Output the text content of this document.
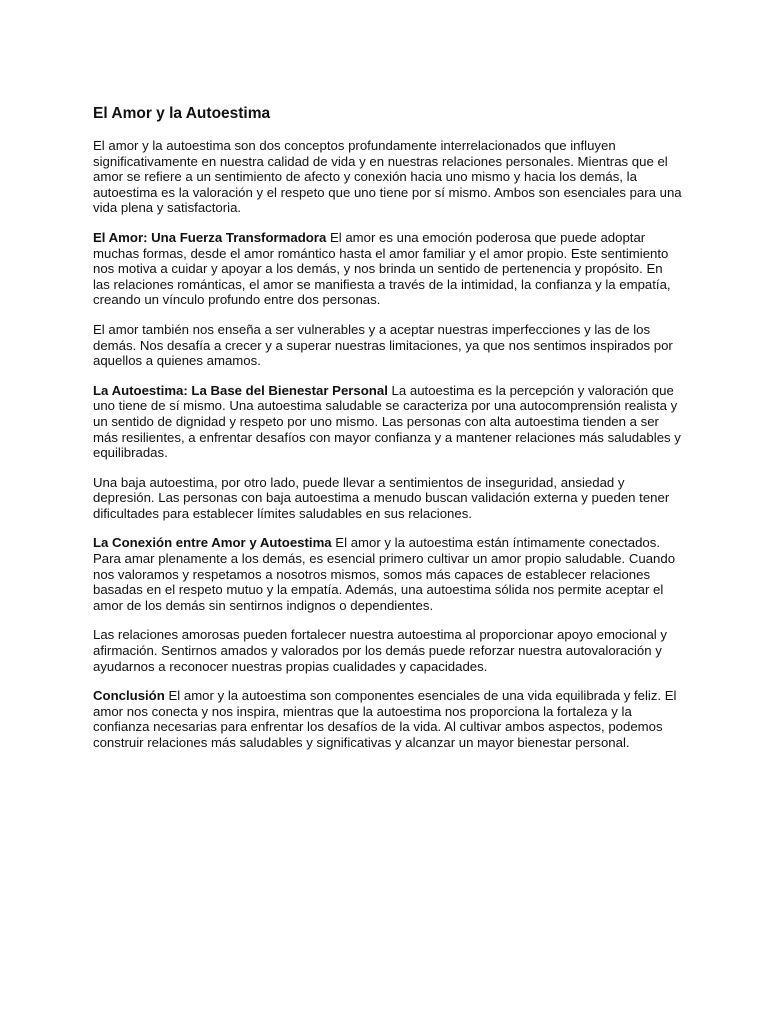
El Amor y la Autoestima

El amor y la autoestima son dos conceptos profundamente interrelacionados que influyen significativamente en nuestra calidad de vida y en nuestras relaciones personales. Mientras que el amor se refiere a un sentimiento de afecto y conexión hacia uno mismo y hacia los demás, la autoestima es la valoración y el respeto que uno tiene por sí mismo. Ambos son esenciales para una vida plena y satisfactoria.

El Amor: Una Fuerza Transformadora El amor es una emoción poderosa que puede adoptar muchas formas, desde el amor romántico hasta el amor familiar y el amor propio. Este sentimiento nos motiva a cuidar y apoyar a los demás, y nos brinda un sentido de pertenencia y propósito. En las relaciones románticas, el amor se manifiesta a través de la intimidad, la confianza y la empatía, creando un vínculo profundo entre dos personas.

El amor también nos enseña a ser vulnerables y a aceptar nuestras imperfecciones y las de los demás. Nos desafía a crecer y a superar nuestras limitaciones, ya que nos sentimos inspirados por aquellos a quienes amamos.

La Autoestima: La Base del Bienestar Personal La autoestima es la percepción y valoración que uno tiene de sí mismo. Una autoestima saludable se caracteriza por una autocomprensión realista y un sentido de dignidad y respeto por uno mismo. Las personas con alta autoestima tienden a ser más resilientes, a enfrentar desafíos con mayor confianza y a mantener relaciones más saludables y equilibradas.

Una baja autoestima, por otro lado, puede llevar a sentimientos de inseguridad, ansiedad y depresión. Las personas con baja autoestima a menudo buscan validación externa y pueden tener dificultades para establecer límites saludables en sus relaciones.

La Conexión entre Amor y Autoestima El amor y la autoestima están íntimamente conectados. Para amar plenamente a los demás, es esencial primero cultivar un amor propio saludable. Cuando nos valoramos y respetamos a nosotros mismos, somos más capaces de establecer relaciones basadas en el respeto mutuo y la empatía. Además, una autoestima sólida nos permite aceptar el amor de los demás sin sentirnos indignos o dependientes.

Las relaciones amorosas pueden fortalecer nuestra autoestima al proporcionar apoyo emocional y afirmación. Sentirnos amados y valorados por los demás puede reforzar nuestra autovaloración y ayudarnos a reconocer nuestras propias cualidades y capacidades.

Conclusión El amor y la autoestima son componentes esenciales de una vida equilibrada y feliz. El amor nos conecta y nos inspira, mientras que la autoestima nos proporciona la fortaleza y la confianza necesarias para enfrentar los desafíos de la vida. Al cultivar ambos aspectos, podemos construir relaciones más saludables y significativas y alcanzar un mayor bienestar personal.
